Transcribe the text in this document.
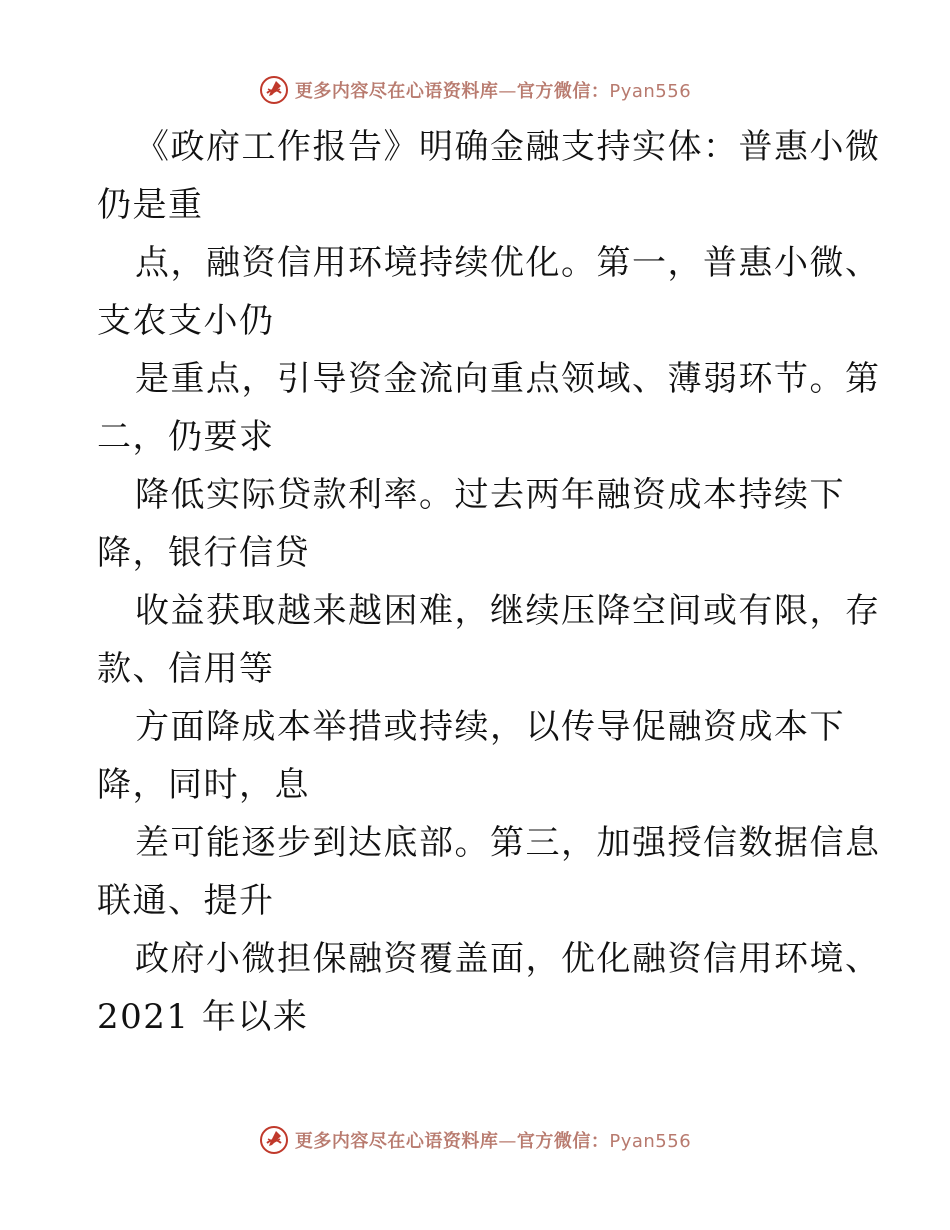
更多内容尽在心语资料库—官方微信：Pyan556
《政府工作报告》明确金融支持实体：普惠小微
仍是重
点，融资信用环境持续优化。第一，普惠小微、
支农支小仍
是重点，引导资金流向重点领域、薄弱环节。第
二，仍要求
降低实际贷款利率。过去两年融资成本持续下
降，银行信贷
收益获取越来越困难，继续压降空间或有限，存
款、信用等
方面降成本举措或持续，以传导促融资成本下
降，同时，息
差可能逐步到达底部。第三，加强授信数据信息
联通、提升
政府小微担保融资覆盖面，优化融资信用环境、
2021 年以来
更多内容尽在心语资料库—官方微信：Pyan556
